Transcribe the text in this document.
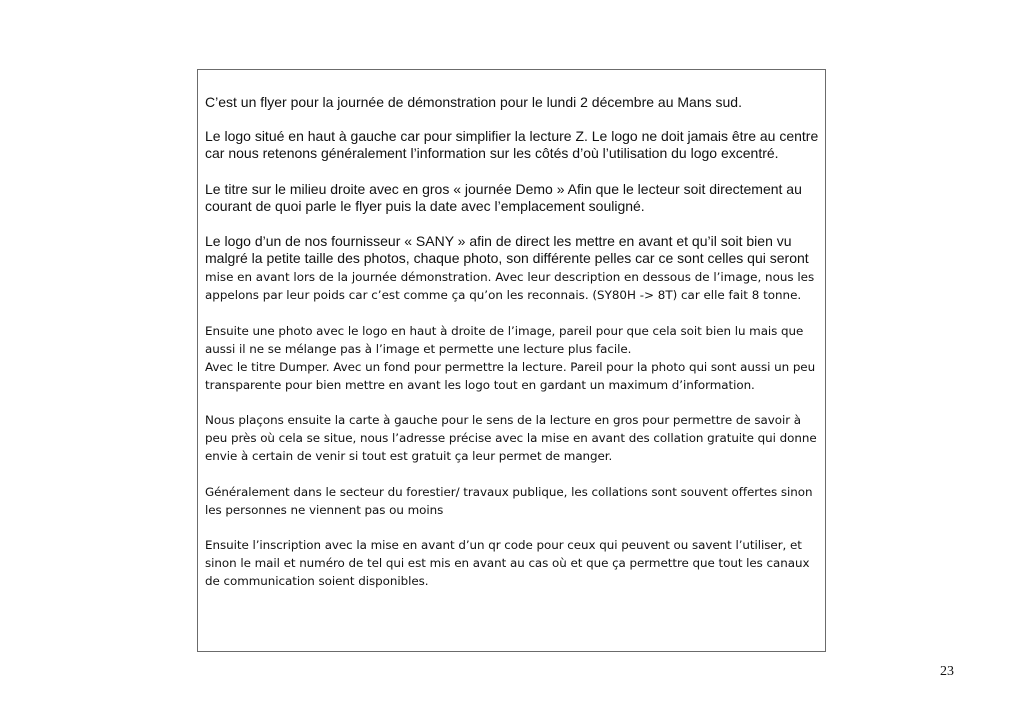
C’est un flyer pour la journée de démonstration pour le lundi 2 décembre au Mans sud.

Le logo situé en haut à gauche car pour simplifier la lecture Z. Le logo ne doit jamais être au centre car nous retenons généralement l’information sur les côtés d’où l’utilisation du logo excentré.

Le titre sur le milieu droite avec en gros « journée Demo » Afin que le lecteur soit directement au courant de quoi parle le flyer puis la date avec l’emplacement souligné.

Le logo d’un de nos fournisseur « SANY » afin de direct les mettre en avant et qu’il soit bien vu malgré la petite taille des photos, chaque photo, son différente pelles car ce sont celles qui seront mise en avant lors de la journée démonstration. Avec leur description en dessous de l’image, nous les appelons par leur poids car c’est comme ça qu’on les reconnais. (SY80H -> 8T) car elle fait 8 tonne.

Ensuite une photo avec le logo en haut à droite de l’image, pareil pour que cela soit bien lu mais que aussi il ne se mélange pas à l’image et permette une lecture plus facile.

Avec le titre Dumper. Avec un fond pour permettre la lecture. Pareil pour la photo qui sont aussi un peu transparente pour bien mettre en avant les logo tout en gardant un maximum d’information.

Nous plaçons ensuite la carte à gauche pour le sens de la lecture en gros pour permettre de savoir à peu près où cela se situe, nous l’adresse précise avec la mise en avant des collation gratuite qui donne envie à certain de venir si tout est gratuit ça leur permet de manger.

Généralement dans le secteur du forestier/ travaux publique, les collations sont souvent offertes sinon les personnes ne viennent pas ou moins

Ensuite l’inscription avec la mise en avant d’un qr code pour ceux qui peuvent ou savent l’utiliser, et sinon le mail et numéro de tel qui est mis en avant au cas où et que ça permettre que tout les canaux de communication soient disponibles.

23
